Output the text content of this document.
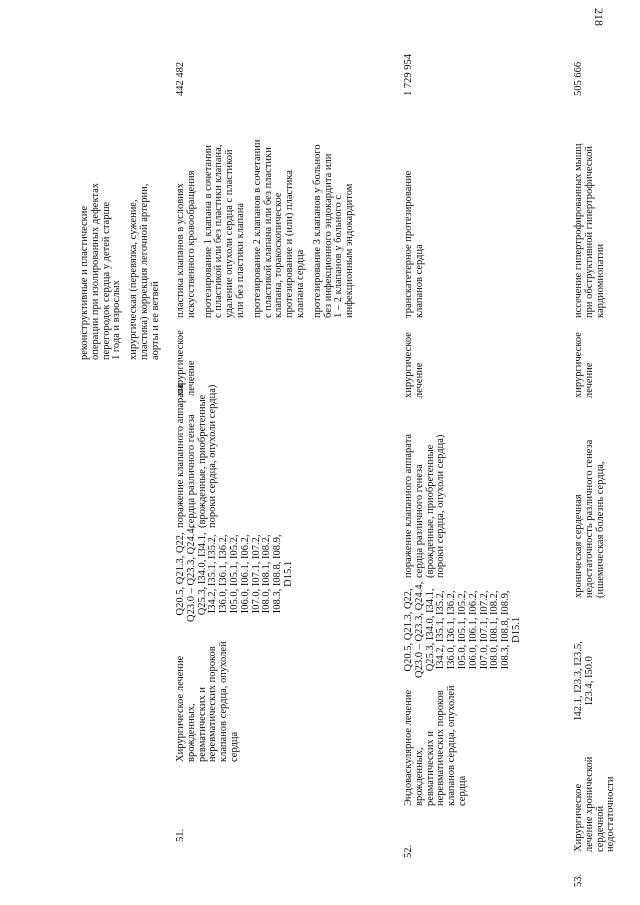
218
реконструктивные и пластические операции при изолированных дефектах перегородок сердца у детей старше 1 года и взрослых хирургическая (перевязка, сужение, пластика) коррекция легочной артерии, аорты и ее ветвей
51.
Хирургическое лечение врожденных, ревматических и неревматических пороков клапанов сердца, опухолей сердца
Q20.5, Q21.3, Q22, Q23.0 – Q23.3, Q24.4, Q25.3, I34.0, I34.1, I34.2, I35.1, I35.2, I36.0, I36.1, I36.2, I05.0, I05.1, I05.2, I06.0, I06.1, I06.2, I07.0, I07.1, I07.2, I08.0, I08.1, I08.2, I08.3, I08.8, I08.9, D15.1
поражение клапанного аппарата сердца различного генеза (врожденные, приобретенные пороки сердца, опухоли сердца)
хирургическое лечение
пластика клапанов в условиях искусственного кровообращения протезирование 1 клапана в сочетании с пластикой или без пластики клапана, удаление опухоли сердца с пластикой или без пластики клапана протезирование 2 клапанов в сочетании с пластикой клапана или без пластики клапана, торакоскопическое протезирование и (или) пластика клапана сердца протезирование 3 клапанов у больного без инфекционного эндокардита или 1 – 2 клапанов у больного с инфекционным эндокардитом
442 482
52.
Эндоваскулярное лечение врожденных, ревматических и неревматических пороков клапанов сердца, опухолей сердца
Q20.5, Q21.3, Q22, Q23.0 – Q23.3, Q24.4, Q25.3, I34.0, I34.1, I34.2, I35.1, I35.2, I36.0, I36.1, I36.2, I05.0, I05.1, I05.2, I06.0, I06.1, I06.2, I07.0, I07.1, I07.2, I08.0, I08.1, I08.2, I08.3, I08.8, I08.9, D15.1
поражение клапанного аппарата сердца различного генеза (врожденные, приобретенные пороки сердца, опухоли сердца)
хирургическое лечение
транскатетерное протезирование клапанов сердца
1 729 954
53.
Хирургическое лечение хронической сердечной недостаточности
I42.1, I23.3, I23.5, I23.4, I50.0
хроническая сердечная недостаточность различного генеза (ишемическая болезнь сердца,
хирургическое лечение
иссечение гипертрофированных мышц при обструктивной гипертрофической кардиомиопатии
505 666
